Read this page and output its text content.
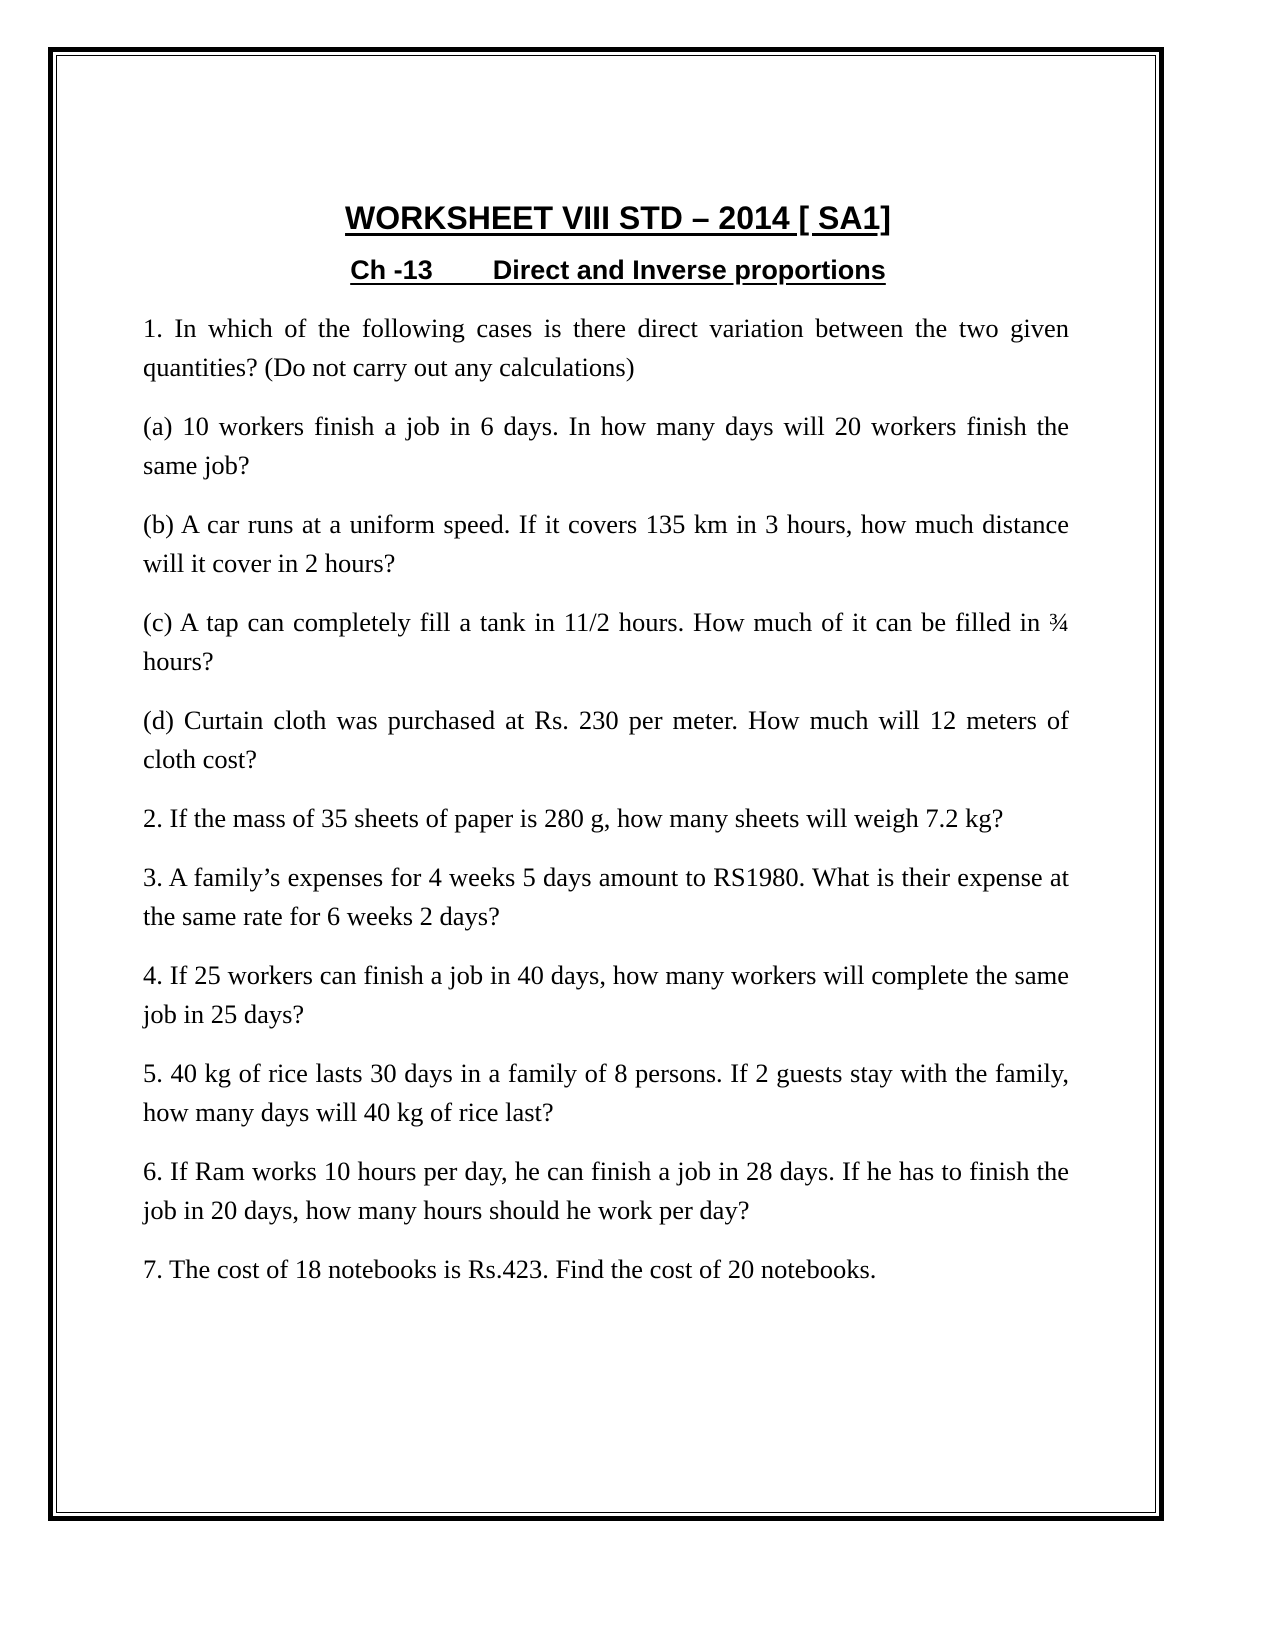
WORKSHEET VIII STD – 2014 [ SA1]
Ch -13        Direct and Inverse proportions

1. In which of the following cases is there direct variation between the two given quantities? (Do not carry out any calculations)

(a) 10 workers finish a job in 6 days. In how many days will 20 workers finish the same job?

(b) A car runs at a uniform speed. If it covers 135 km in 3 hours, how much distance will it cover in 2 hours?

(c) A tap can completely fill a tank in 11/2 hours. How much of it can be filled in ¾ hours?

(d) Curtain cloth was purchased at Rs. 230 per meter. How much will 12 meters of cloth cost?

2. If the mass of 35 sheets of paper is 280 g, how many sheets will weigh 7.2 kg?

3. A family’s expenses for 4 weeks 5 days amount to RS1980. What is their expense at the same rate for 6 weeks 2 days?

4. If 25 workers can finish a job in 40 days, how many workers will complete the same job in 25 days?

5. 40 kg of rice lasts 30 days in a family of 8 persons. If 2 guests stay with the family, how many days will 40 kg of rice last?

6. If Ram works 10 hours per day, he can finish a job in 28 days. If he has to finish the job in 20 days, how many hours should he work per day?

7. The cost of 18 notebooks is Rs.423. Find the cost of 20 notebooks.
